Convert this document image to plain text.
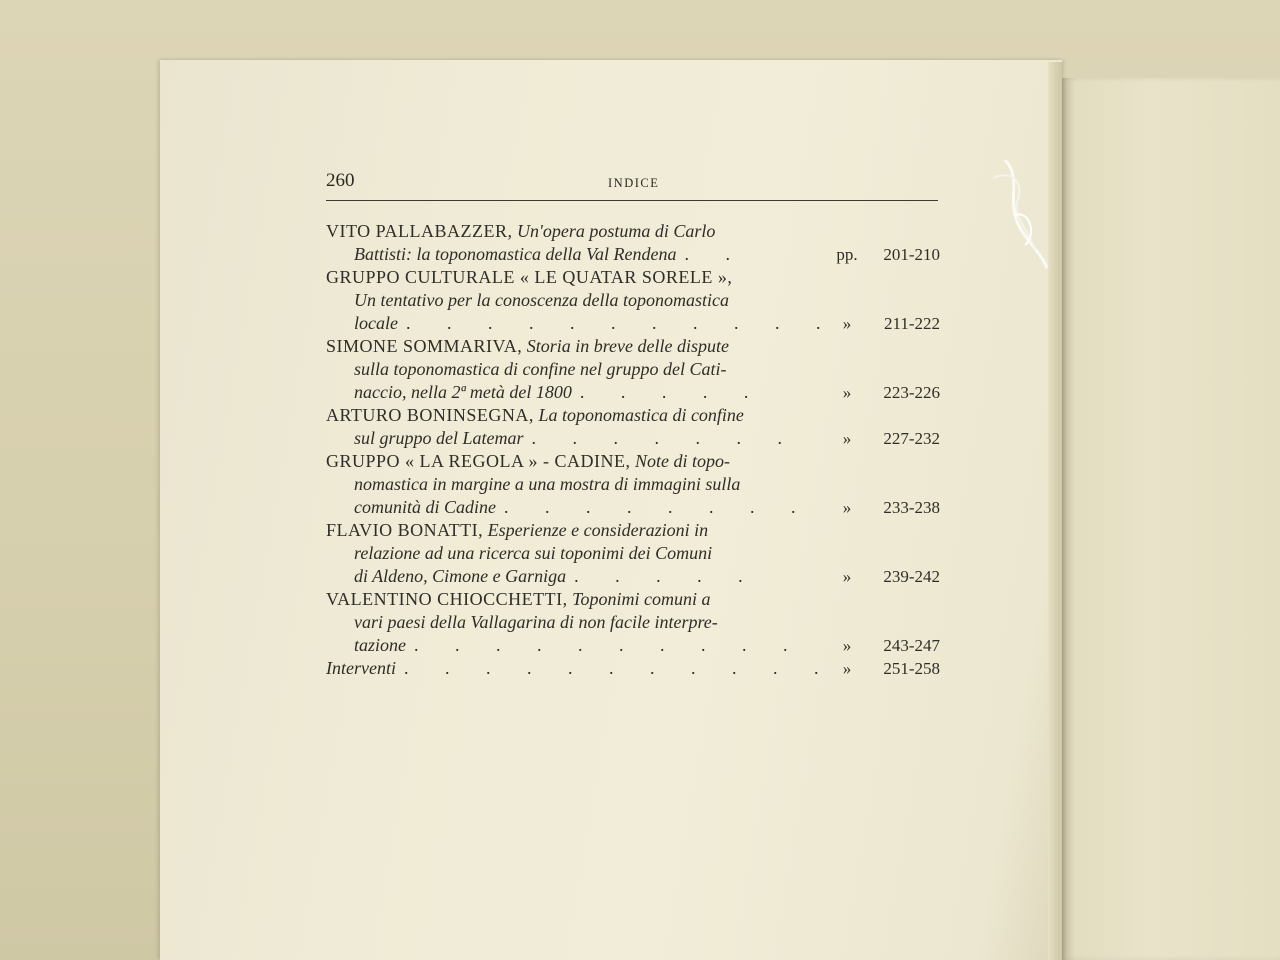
260	INDICE
VITO PALLABAZZER, Un'opera postuma di Carlo
Battisti: la toponomastica della Val Rendena . .	pp. 201-210
GRUPPO CULTURALE « LE QUATAR SORELE »,
Un tentativo per la conoscenza della toponomastica
locale . . . . . . . . . . . »	211-222
SIMONE SOMMARIVA, Storia in breve delle dispute
sulla toponomastica di confine nel gruppo del Cati-
naccio, nella 2ª metà del 1800 . . . . .	»	223-226
ARTURO BONINSEGNA, La toponomastica di confine
sul gruppo del Latemar . . . . . . .	»	227-232
GRUPPO « LA REGOLA » - CADINE, Note di topo-
nomastica in margine a una mostra di immagini sulla
comunità di Cadine . . . . . . . .	»	233-238
FLAVIO BONATTI, Esperienze e considerazioni in
relazione ad una ricerca sui toponimi dei Comuni
di Aldeno, Cimone e Garniga . . . . .	»	239-242
VALENTINO CHIOCCHETTI, Toponimi comuni a
vari paesi della Vallagarina di non facile interpre-
tazione . . . . . . . . . .	»	243-247
Interventi . . . . . . . . . . . »	251-258
